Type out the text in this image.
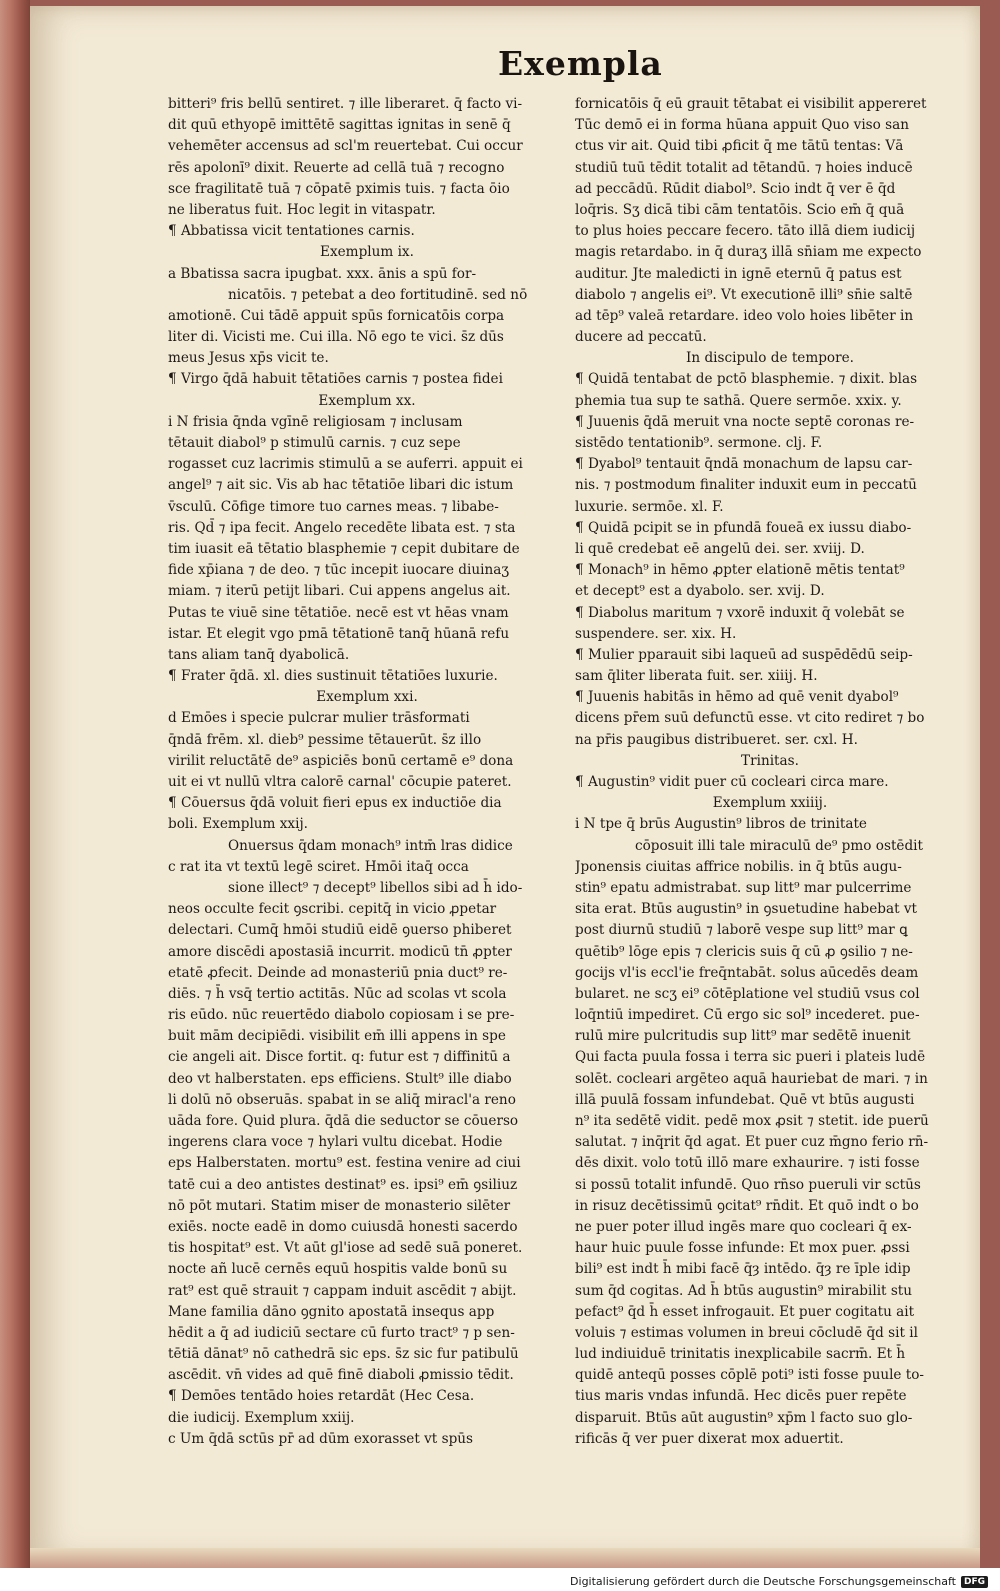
Exempla
bitteri⁹ fris bellū sentiret. ⁊ ille liberaret. q̄ facto vi-
dit quū ethyopē imittētē sagittas ignitas in senē q̄
vehemēter accensus ad scl'm reuertebat. Cui occur
rēs apolonī⁹ dixit. Reuerte ad cellā tuā ⁊ recogno
sce fragilitatē tuā ⁊ cōpatē pximis tuis. ⁊ facta ōio
ne liberatus fuit. Hoc legit in vitaspatr.
¶ Abbatissa vicit tentationes carnis.
Exemplum ix.
a Bbatissa sacra ipugbat. xxx. ānis a spū for-
nicatōis. ⁊ petebat a deo fortitudinē. sed nō
amotionē. Cui tādē appuit spūs fornicatōis corpa
liter di. Vicisti me. Cui illa. Nō ego te vici. s̄z dūs
meus Jesus xp̄s vicit te.
¶ Virgo q̄dā habuit tētatiōes carnis ⁊ postea fidei
Exemplum xx.
i N frisia q̄nda vgīnē religiosam ⁊ inclusam
tētauit diabol⁹ p stimulū carnis. ⁊ cuz sepe
rogasset cuz lacrimis stimulū a se auferri. appuit ei
angel⁹ ⁊ ait sic. Vis ab hac tētatiōe libari dic istum
v̄sculū. Cōfige timore tuo carnes meas. ⁊ libabe-
ris. Qd̄ ⁊ ipa fecit. Angelo recedēte libata est. ⁊ sta
tim iuasit eā tētatio blasphemie ⁊ cepit dubitare de
fide xp̄iana ⁊ de deo. ⁊ tūc incepit iuocare diuinaʒ
miam. ⁊ iterū petijt libari. Cui appens angelus ait.
Putas te viuē sine tētatiōe. necē est vt hēas vnam
istar. Et elegit vgo pmā tētationē tanq̄ hūanā refu
tans aliam tanq̄ dyabolicā.
¶ Frater q̄dā. xl. dies sustinuit tētatiōes luxurie.
Exemplum xxi.
d Emōes i specie pulcrar mulier trāsformati
q̄ndā frēm. xl. dieb⁹ pessime tētauerūt. s̄z illo
virilit reluctātē de⁹ aspiciēs bonū certamē e⁹ dona
uit ei vt nullū vltra calorē carnal' cōcupie pateret.
¶ Cōuersus q̄dā voluit fieri epus ex inductiōe dia
boli. Exemplum xxij.
Onuersus q̄dam monach⁹ intm̄ lras didice
c rat ita vt textū legē sciret. Hmōi itaq̄ occa
sione illect⁹ ⁊ decept⁹ libellos sibi ad h̄ ido-
neos occulte fecit ꝯscribi. cepitq̄ in vicio ꝓpetar
delectari. Cumq̄ hmōi studiū eidē ꝯuerso phiberet
amore discēdi apostasiā incurrit. modicū tn̄ ꝓpter
etatē ꝓfecit. Deinde ad monasteriū pnia duct⁹ re-
diēs. ⁊ h̄ vsq̄ tertio actitās. Nūc ad scolas vt scola
ris eūdo. nūc reuertēdo diabolo copiosam i se pre-
buit mām decipiēdi. visibilit em̄ illi appens in spe
cie angeli ait. Disce fortit. q: futur est ⁊ diffinitū a
deo vt halberstaten. eps efficiens. Stult⁹ ille diabo
li dolū nō obseruās. spabat in se aliq̄ miracl'a reno
uāda fore. Quid plura. q̄dā die seductor se cōuerso
ingerens clara voce ⁊ hylari vultu dicebat. Hodie
eps Halberstaten. mortu⁹ est. festina venire ad ciui
tatē cui a deo antistes destinat⁹ es. ipsi⁹ em̄ ꝯsiliuz
nō pōt mutari. Statim miser de monasterio silēter
exiēs. nocte eadē in domo cuiusdā honesti sacerdo
tis hospitat⁹ est. Vt aūt gl'iose ad sedē suā poneret.
nocte añ lucē cernēs equū hospitis valde bonū su
rat⁹ est quē strauit ⁊ cappam induit ascēdit ⁊ abijt.
Mane familia dāno ꝯgnito apostatā insequs app
hēdit a q̄ ad iudiciū sectare cū furto tract⁹ ⁊ p sen-
tētiā dānat⁹ nō cathedrā sic eps. s̄z sic fur patibulū
ascēdit. vn̄ vides ad quē finē diaboli ꝓmissio tēdit.
¶ Demōes tentādo hoies retardāt (Hec Cesa.
die iudicij. Exemplum xxiij.
c Um q̄dā sctūs pr̄ ad dūm exorasset vt spūs
fornicatōis q̄ eū grauit tētabat ei visibilit appereret
Tūc demō ei in forma hūana appuit Quo viso san
ctus vir ait. Quid tibi ꝓficit q̄ me tātū tentas: Vā
studiū tuū tēdit totalit ad tētandū. ⁊ hoies inducē
ad peccādū. Rūdit diabol⁹. Scio indt q̄ ver ē q̄d
loq̄ris. Sʒ dicā tibi cām tentatōis. Scio em̄ q̄ quā
to plus hoies peccare fecero. tāto illā diem iudicij
magis retardabo. in q̄ duraʒ illā sn̄iam me expecto
auditur. Jte maledicti in ignē eternū q̄ patus est
diabolo ⁊ angelis ei⁹. Vt executionē illi⁹ sn̄ie saltē
ad tēp⁹ valeā retardare. ideo volo hoies libēter in
ducere ad peccatū.
In discipulo de tempore.
¶ Quidā tentabat de pctō blasphemie. ⁊ dixit. blas
phemia tua sup te sathā. Quere sermōe. xxix. y.
¶ Juuenis q̄dā meruit vna nocte septē coronas re-
sistēdo tentationib⁹. sermone. clj. F.
¶ Dyabol⁹ tentauit q̄ndā monachum de lapsu car-
nis. ⁊ postmodum finaliter induxit eum in peccatū
luxurie. sermōe. xl. F.
¶ Quidā pcipit se in pfundā foueā ex iussu diabo-
li quē credebat eē angelū dei. ser. xviij. D.
¶ Monach⁹ in hēmo ꝓpter elationē mētis tentat⁹
et decept⁹ est a dyabolo. ser. xvij. D.
¶ Diabolus maritum ⁊ vxorē induxit q̄ volebāt se
suspendere. ser. xix. H.
¶ Mulier pparauit sibi laqueū ad suspēdēdū seip-
sam q̄liter liberata fuit. ser. xiiij. H.
¶ Juuenis habitās in hēmo ad quē venit dyabol⁹
dicens pr̄em suū defunctū esse. vt cito rediret ⁊ bo
na pr̄is paugibus distribueret. ser. cxl. H.
Trinitas.
¶ Augustin⁹ vidit puer cū cocleari circa mare.
Exemplum xxiiij.
i N tpe q̄ brūs Augustin⁹ libros de trinitate
cōposuit illi tale miraculū de⁹ pmo ostēdit
Jponensis ciuitas affrice nobilis. in q̄ btūs augu-
stin⁹ epatu admistrabat. sup litt⁹ mar pulcerrime
sita erat. Btūs augustin⁹ in ꝯsuetudine habebat vt
post diurnū studiū ⁊ laborē vespe sup litt⁹ mar ꝗ
quētib⁹ lōge epis ⁊ clericis suis q̄ cū ꝓ ꝯsilio ⁊ ne-
gocijs vl'is eccl'ie freq̄ntabāt. solus aūcedēs deam
bularet. ne scʒ ei⁹ cōtēplatione vel studiū vsus col
loq̄ntiū impediret. Cū ergo sic sol⁹ incederet. pue-
rulū mire pulcritudis sup litt⁹ mar sedētē inuenit
Qui facta puula fossa i terra sic pueri i plateis ludē
solēt. cocleari argēteo aquā hauriebat de mari. ⁊ in
illā puulā fossam infundebat. Quē vt btūs augusti
n⁹ ita sedētē vidit. pedē mox ꝓsit ⁊ stetit. ide puerū
salutat. ⁊ inq̄rit q̄d agat. Et puer cuz m̄gno ferio rn̄-
dēs dixit. volo totū illō mare exhaurire. ⁊ isti fosse
si possū totalit infundē. Quo rn̄so pueruli vir sctūs
in risuz decētissimū ꝯcitat⁹ rn̄dit. Et quō indt o bo
ne puer poter illud ingēs mare quo cocleari q̄ ex-
haur huic puule fosse infunde: Et mox puer. ꝓssi
bili⁹ est indt h̄ mibi facē q̄ȝ intēdo. q̄ȝ re īple idip
sum q̄d cogitas. Ad h̄ btūs augustin⁹ mirabilit stu
pefact⁹ q̄d h̄ esset infrogauit. Et puer cogitatu ait
voluis ⁊ estimas volumen in breui cōcludē q̄d sit il
lud indiuiduē trinitatis inexplicabile sacrm̄. Et h̄
quidē anteqū posses cōplē poti⁹ isti fosse puule to-
tius maris vndas infundā. Hec dicēs puer repēte
disparuit. Btūs aūt augustin⁹ xp̄m l facto suo glo-
rificās q̄ ver puer dixerat mox aduertit.
Digitalisierung gefördert durch die Deutsche Forschungsgemeinschaft DFG
